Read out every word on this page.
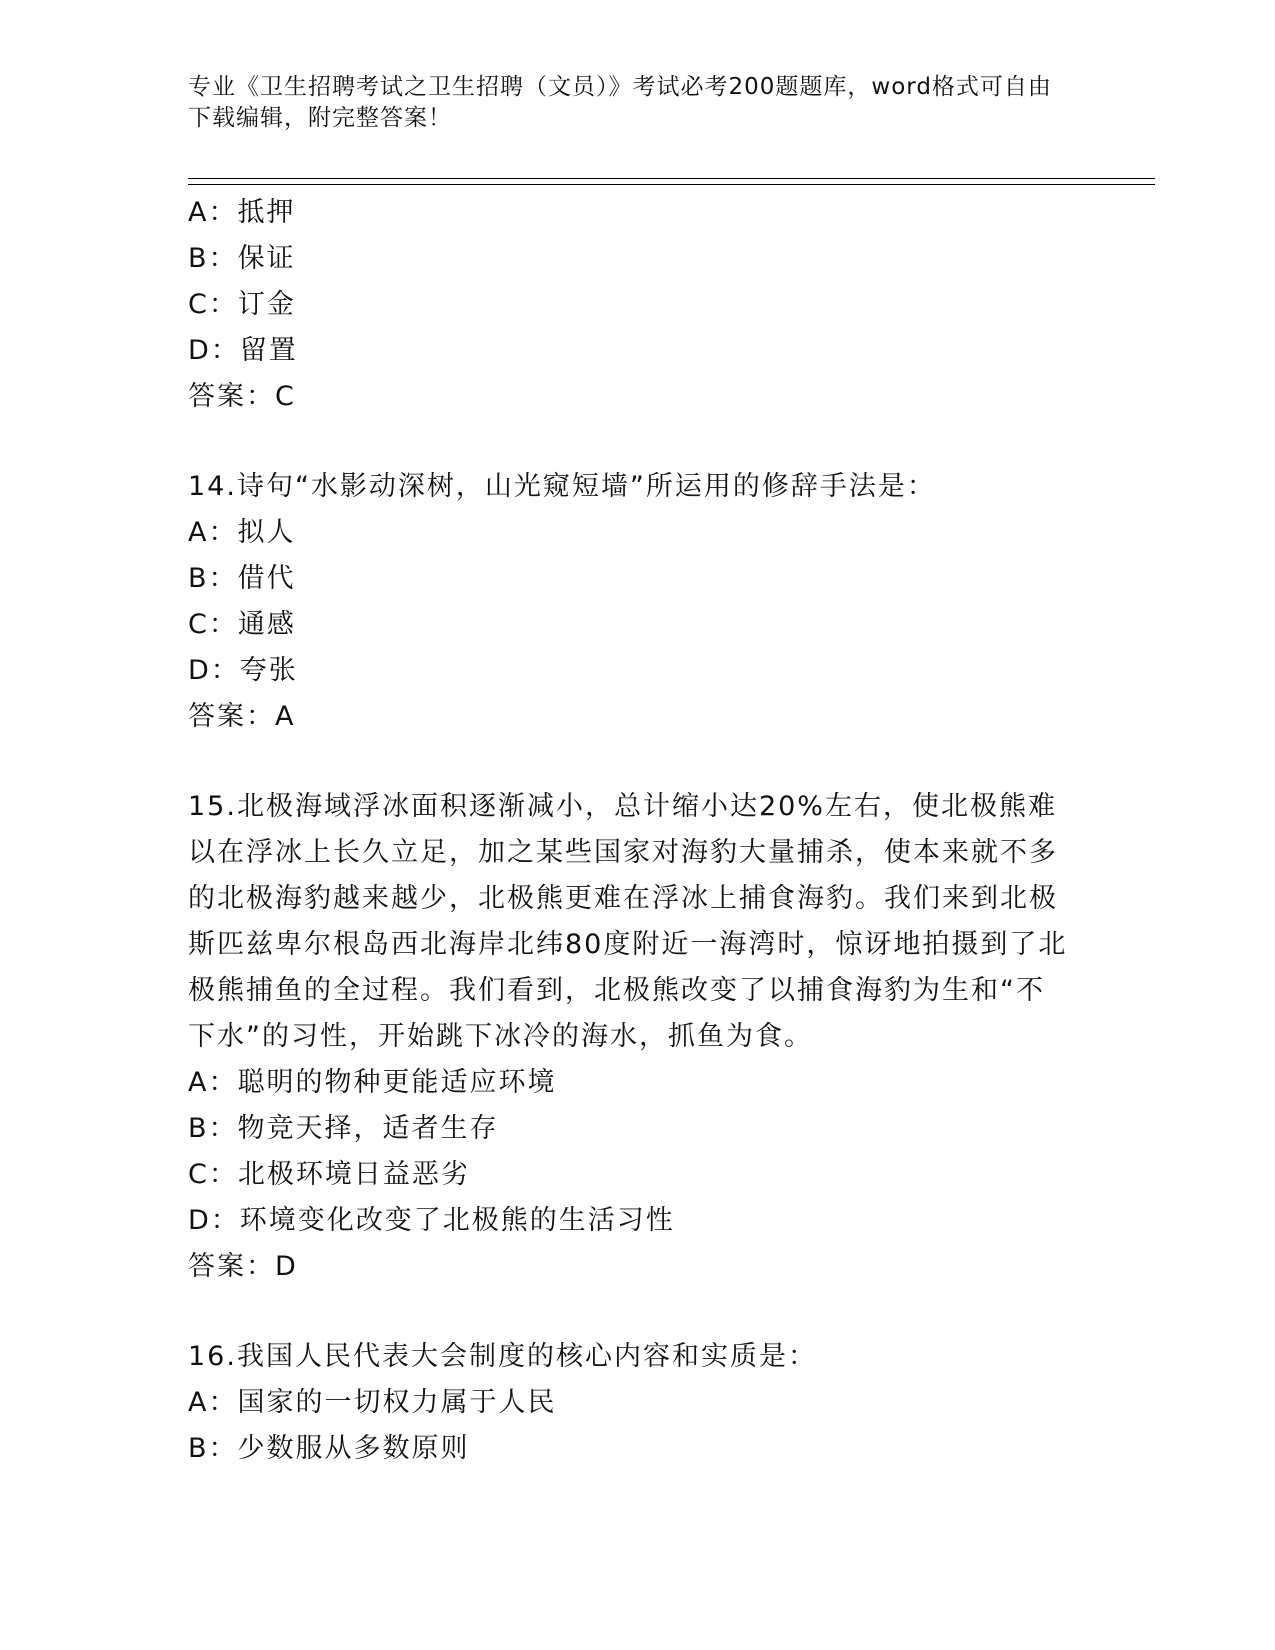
专业《卫生招聘考试之卫生招聘（文员）》考试必考200题题库，word格式可自由下载编辑，附完整答案！
A：抵押
B：保证
C：订金
D：留置
答案：C
14.诗句“水影动深树，山光窥短墙”所运用的修辞手法是：
A：拟人
B：借代
C：通感
D：夸张
答案：A
15.北极海域浮冰面积逐渐减小，总计缩小达20%左右，使北极熊难以在浮冰上长久立足，加之某些国家对海豹大量捕杀，使本来就不多的北极海豹越来越少，北极熊更难在浮冰上捕食海豹。我们来到北极斯匹兹卑尔根岛西北海岸北纬80度附近一海湾时，惊讶地拍摄到了北极熊捕鱼的全过程。我们看到，北极熊改变了以捕食海豹为生和“不下水”的习性，开始跳下冰冷的海水，抓鱼为食。
A：聪明的物种更能适应环境
B：物竞天择，适者生存
C：北极环境日益恶劣
D：环境变化改变了北极熊的生活习性
答案：D
16.我国人民代表大会制度的核心内容和实质是：
A：国家的一切权力属于人民
B：少数服从多数原则
